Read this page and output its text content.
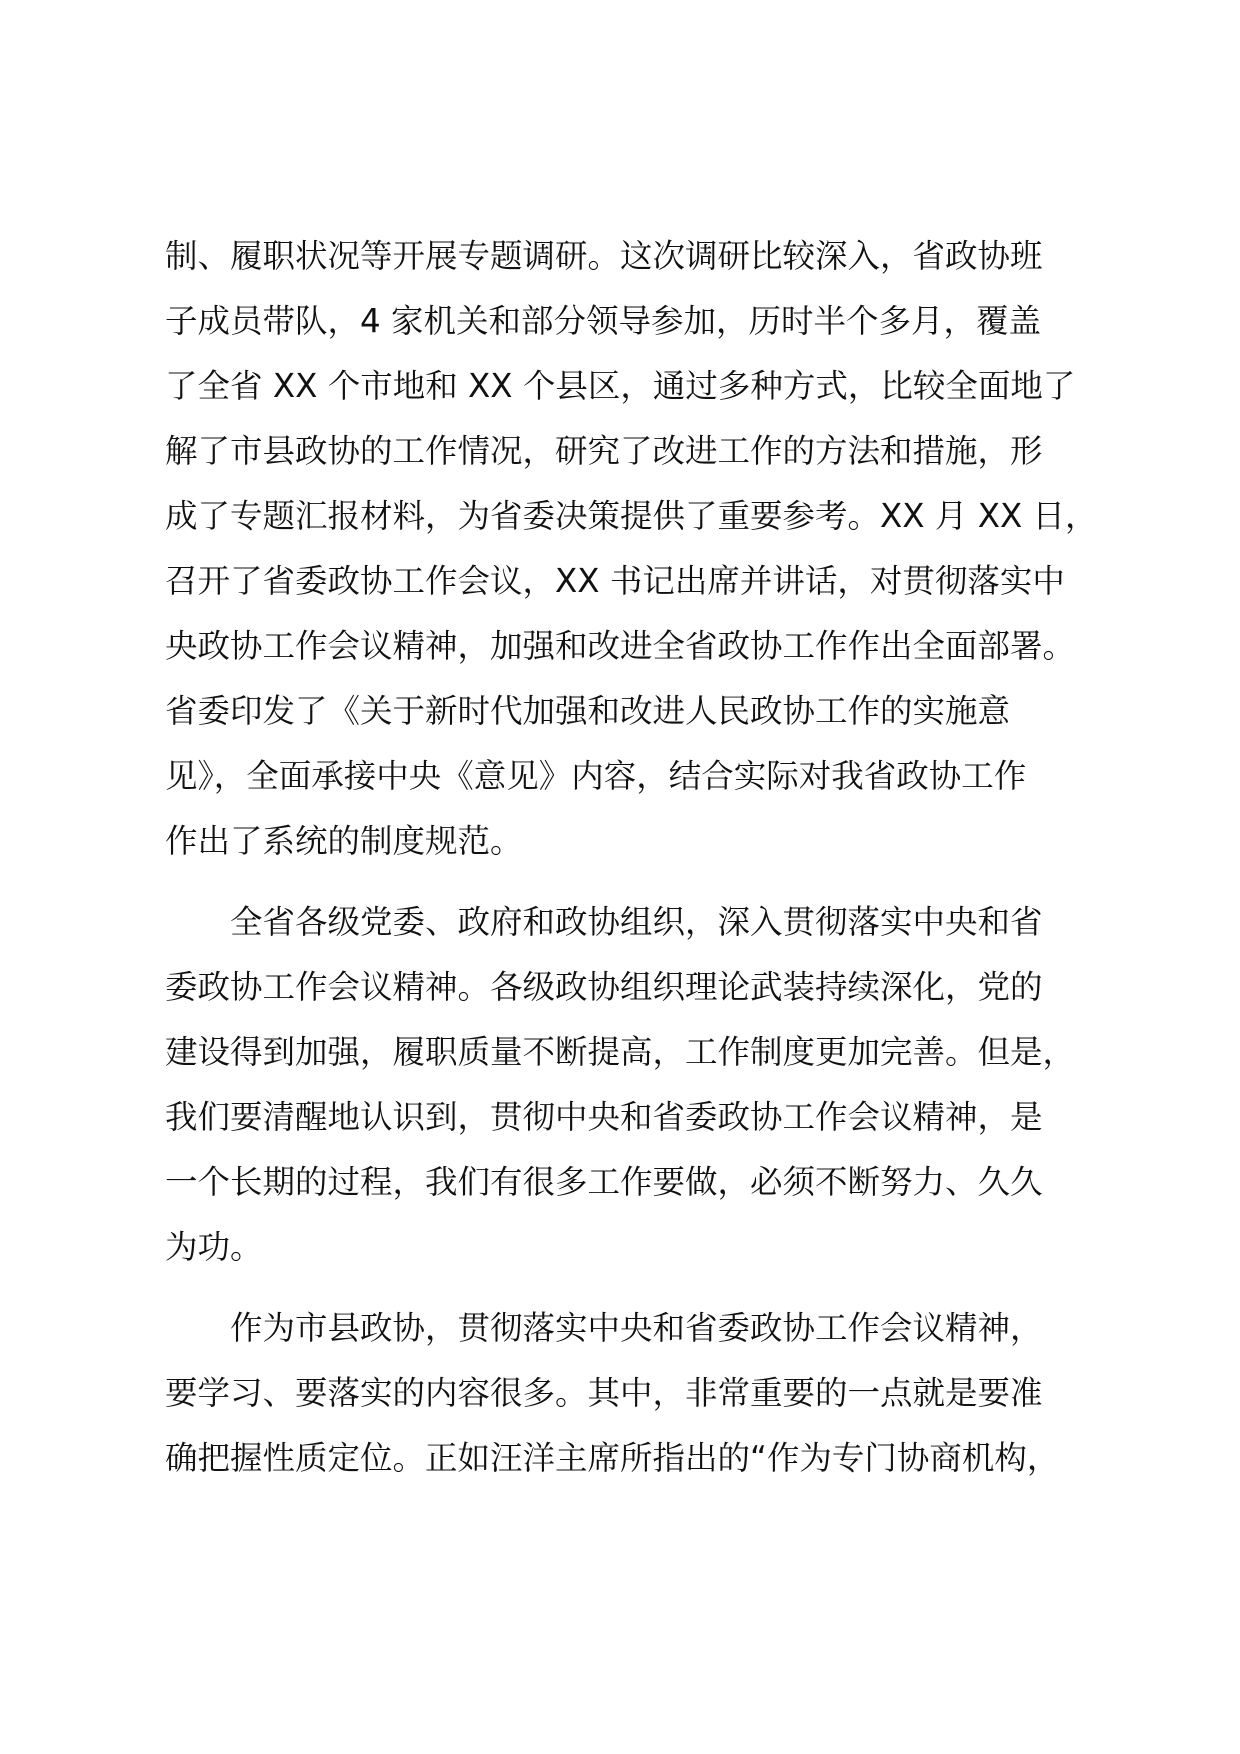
制、履职状况等开展专题调研。这次调研比较深入，省政协班
子成员带队，4 家机关和部分领导参加，历时半个多月，覆盖
了全省 XX 个市地和 XX 个县区，通过多种方式，比较全面地了
解了市县政协的工作情况，研究了改进工作的方法和措施，形
成了专题汇报材料，为省委决策提供了重要参考。XX 月 XX 日，
召开了省委政协工作会议，XX 书记出席并讲话，对贯彻落实中
央政协工作会议精神，加强和改进全省政协工作作出全面部署。
省委印发了《关于新时代加强和改进人民政协工作的实施意
见》，全面承接中央《意见》内容，结合实际对我省政协工作
作出了系统的制度规范。

　　全省各级党委、政府和政协组织，深入贯彻落实中央和省
委政协工作会议精神。各级政协组织理论武装持续深化，党的
建设得到加强，履职质量不断提高，工作制度更加完善。但是，
我们要清醒地认识到，贯彻中央和省委政协工作会议精神，是
一个长期的过程，我们有很多工作要做，必须不断努力、久久
为功。

　　作为市县政协，贯彻落实中央和省委政协工作会议精神，
要学习、要落实的内容很多。其中，非常重要的一点就是要准
确把握性质定位。正如汪洋主席所指出的“作为专门协商机构，
